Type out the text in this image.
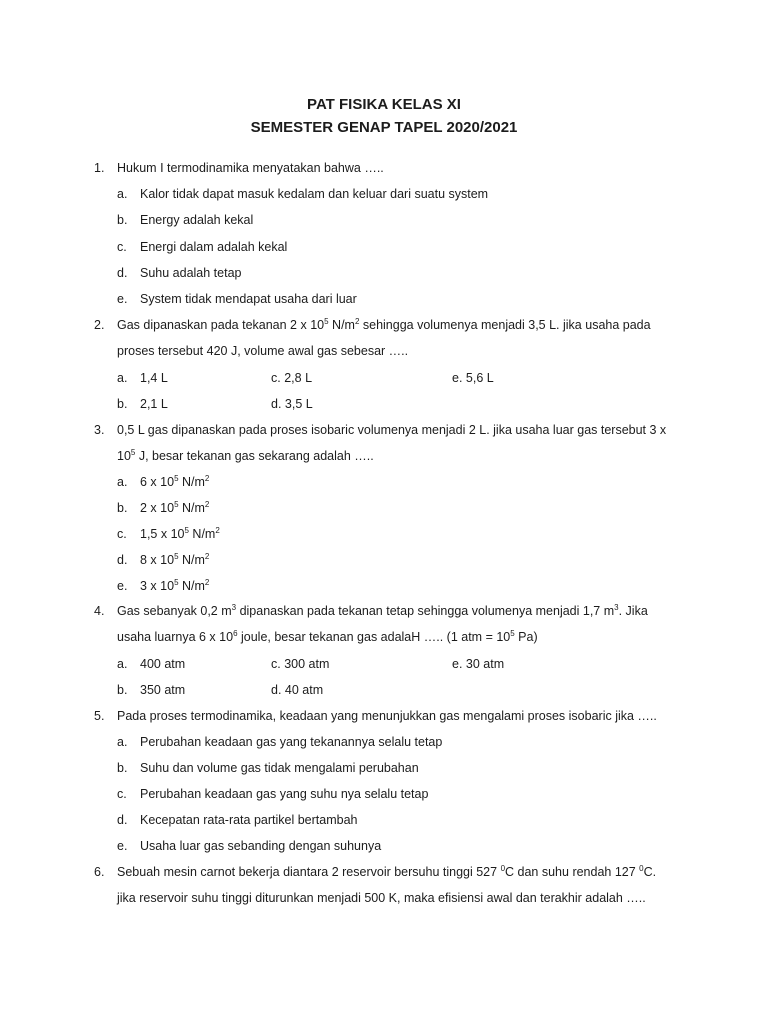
PAT FISIKA KELAS XI
SEMESTER GENAP TAPEL 2020/2021
1. Hukum I termodinamika menyatakan bahwa …..
a. Kalor tidak dapat masuk kedalam dan keluar dari suatu system
b. Energy adalah kekal
c. Energi dalam adalah kekal
d. Suhu adalah tetap
e. System tidak mendapat usaha dari luar
2. Gas dipanaskan pada tekanan 2 x $10^5$ $N/m^2$ sehingga volumenya menjadi 3,5 L. jika usaha pada
proses tersebut 420 J, volume awal gas sebesar …..
a. 1,4 L	c. 2,8 L	e. 5,6 L
b. 2,1 L	d. 3,5 L
3. 0,5 L gas dipanaskan pada proses isobaric volumenya menjadi 2 L. jika usaha luar gas tersebut 3 x
$10^5$ J, besar tekanan gas sekarang adalah …..
a. 6 x $10^5$ $N/m^2$
b. 2 x $10^5$ $N/m^2$
c. 1,5 x $10^5$ $N/m^2$
d. 8 x $10^5$ $N/m^2$
e. 3 x $10^5$ $N/m^2$
4. Gas sebanyak 0,2 $m^3$ dipanaskan pada tekanan tetap sehingga volumenya menjadi 1,7 $m^3$. Jika
usaha luarnya 6 x $10^6$ joule, besar tekanan gas adalaH ….. (1 atm = $10^5$ Pa)
a. 400 atm	c. 300 atm	e. 30 atm
b. 350 atm	d. 40 atm
5. Pada proses termodinamika, keadaan yang menunjukkan gas mengalami proses isobaric jika …..
a. Perubahan keadaan gas yang tekanannya selalu tetap
b. Suhu dan volume gas tidak mengalami perubahan
c. Perubahan keadaan gas yang suhu nya selalu tetap
d. Kecepatan rata-rata partikel bertambah
e. Usaha luar gas sebanding dengan suhunya
6. Sebuah mesin carnot bekerja diantara 2 reservoir bersuhu tinggi 527 $^0$C dan suhu rendah 127 $^0$C.
jika reservoir suhu tinggi diturunkan menjadi 500 K, maka efisiensi awal dan terakhir adalah …..
